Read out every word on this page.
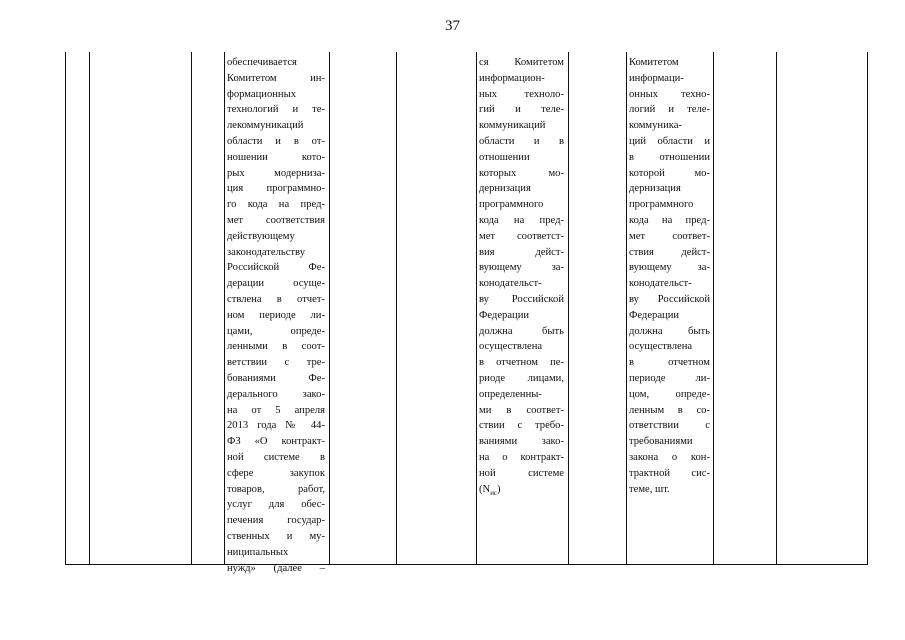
37
обеспечивается
Комитетом ин-
формационных
технологий и те-
лекоммуникаций
области и в от-
ношении кото-
рых модерниза-
ция программно-
го кода на пред-
мет соответствия
действующему
законодательству
Российской Фе-
дерации осуще-
ствлена в отчет-
ном периоде ли-
цами, опреде-
ленными в соот-
ветствии с тре-
бованиями Фе-
дерального зако-
на от 5 апреля
2013 года № 44-
ФЗ «О контракт-
ной системе в
сфере закупок
товаров, работ,
услуг для обес-
печения государ-
ственных и му-
ниципальных
нужд» (далее –
ся Комитетом
информацион-
ных техноло-
гий и теле-
коммуникаций
области и в
отношении
которых мо-
дернизация
программного
кода на пред-
мет соответст-
вия дейст-
вующему за-
конодательст-
ву Российской
Федерации
должна быть
осуществлена
в отчетном пе-
риоде лицами,
определенны-
ми в соответ-
ствии с требо-
ваниями зако-
на о контракт-
ной системе
$(N_{ис})$
Комитетом
информаци-
онных техно-
логий и теле-
коммуника-
ций области и
в отношении
которой мо-
дернизация
программного
кода на пред-
мет соответ-
ствия дейст-
вующему за-
конодательст-
ву Российской
Федерации
должна быть
осуществлена
в отчетном
периоде ли-
цом, опреде-
ленным в со-
ответствии с
требованиями
закона о кон-
трактной сис-
теме, шт.
